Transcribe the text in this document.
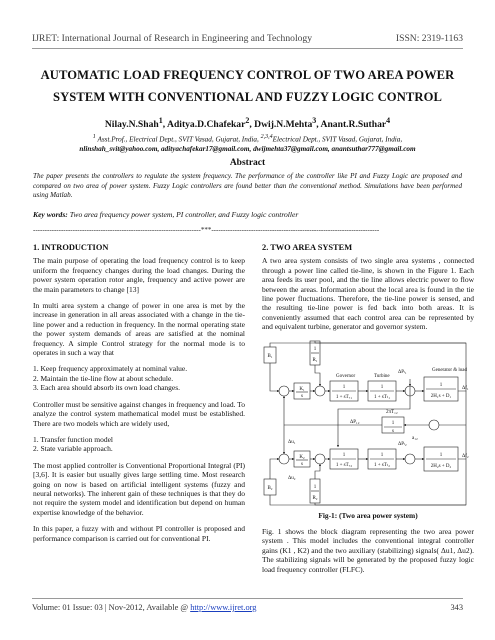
IJRET: International Journal of Research in Engineering and Technology	ISSN: 2319-1163
AUTOMATIC LOAD FREQUENCY CONTROL OF TWO AREA POWER
SYSTEM WITH CONVENTIONAL AND FUZZY LOGIC CONTROL
Nilay.N.Shah$^1$, Aditya.D.Chafekar$^2$, Dwij.N.Mehta$^3$, Anant.R.Suthar$^4$
$^1$ Asst.Prof., Electrical Dept., SVIT Vasad, Gujarat, India, $^{2,3,4}$Electrical Dept., SVIT Vasad, Gujarat, India,
nlinshah_svit@yahoo.com, adityachafekar17@gmail.com, dwijmehta37@gmail.com, anantsuthar777@gmail.com
Abstract
The paper presents the controllers to regulate the system frequency. The performance of the controller like PI and Fuzzy Logic are proposed and compared on two area of power system. Fuzzy Logic controllers are found better than the conventional method. Simulations have been performed using Matlab.
Key words: Two area frequency power system, PI controller, and Fuzzy logic controller
------------------------------------------------------------------------***------------------------------------------------------------------------
1. INTRODUCTION

The main purpose of operating the load frequency control is to keep uniform the frequency changes during the load changes. During the power system operation rotor angle, frequency and active power are the main parameters to change [13]

In multi area system a change of power in one area is met by the increase in generation in all areas associated with a change in the tie-line power and a reduction in frequency. In the normal operating state the power system demands of areas are satisfied at the nominal frequency. A simple Control strategy for the normal mode is to operates in such a way that

1. Keep frequency approximately at nominal value.
2. Maintain the tie-line flow at about schedule.
3. Each area should absorb its own load changes.

Controller must be sensitive against changes in frequency and load. To analyze the control system mathematical model must be established. There are two models which are widely used,

1. Transfer function model
2. State variable approach.

The most applied controller is Conventional Proportional Integral (PI) [3,6]. It is easier but usually gives large settling time. Most research going on now is based on artificial intelligent systems (fuzzy and neural networks). The inherent gain of these techniques is that they do not require the system model and identification but depend on human expertise knowledge of the behavior.

In this paper, a fuzzy with and without PI controller is proposed and performance comparison is carried out for conventional PI.

2. TWO AREA SYSTEM

A two area system consists of two single area systems , connected through a power line called tie-line, is shown in the Figure 1. Each area feeds its user pool, and the tie line allows electric power to flow between the areas. Information about the local area is found in the tie line power fluctuations. Therefore, the tie-line power is sensed, and the resulting tie-line power is fed back into both areas. It is conveniently assumed that each control area can be represented by and equivalent turbine, generator and governor system.

B₁
1
R₁
K₁
s
Governor
1
1 + sT₇₁
Turbine
1
1 + sTₜ₁
ΔPₗ₁	Generator & load
1
2H₁s + D₁
Δf₁
2πT₁₂
1
s
ΔP₁₂
a₁₂
K₂
s
1
1 + sT₇₂
1
1 + sTₜ₂
ΔPₗ₂
1
2H₂s + D₂
Δf₂
B₂	1
R₂
Δu₁
Δu₂
Fig-1: (Two area power system)

Fig. 1 shows the block diagram representing the two area power system . This model includes the conventional integral controller gains (K1 , K2) and the two auxiliary (stabilizing) signals( Δu1, Δu2). The stabilizing signals will be generated by the proposed fuzzy logic load frequency controller (FLFC).

Volume: 01 Issue: 03 | Nov-2012, Available @ http://www.ijret.org	343
